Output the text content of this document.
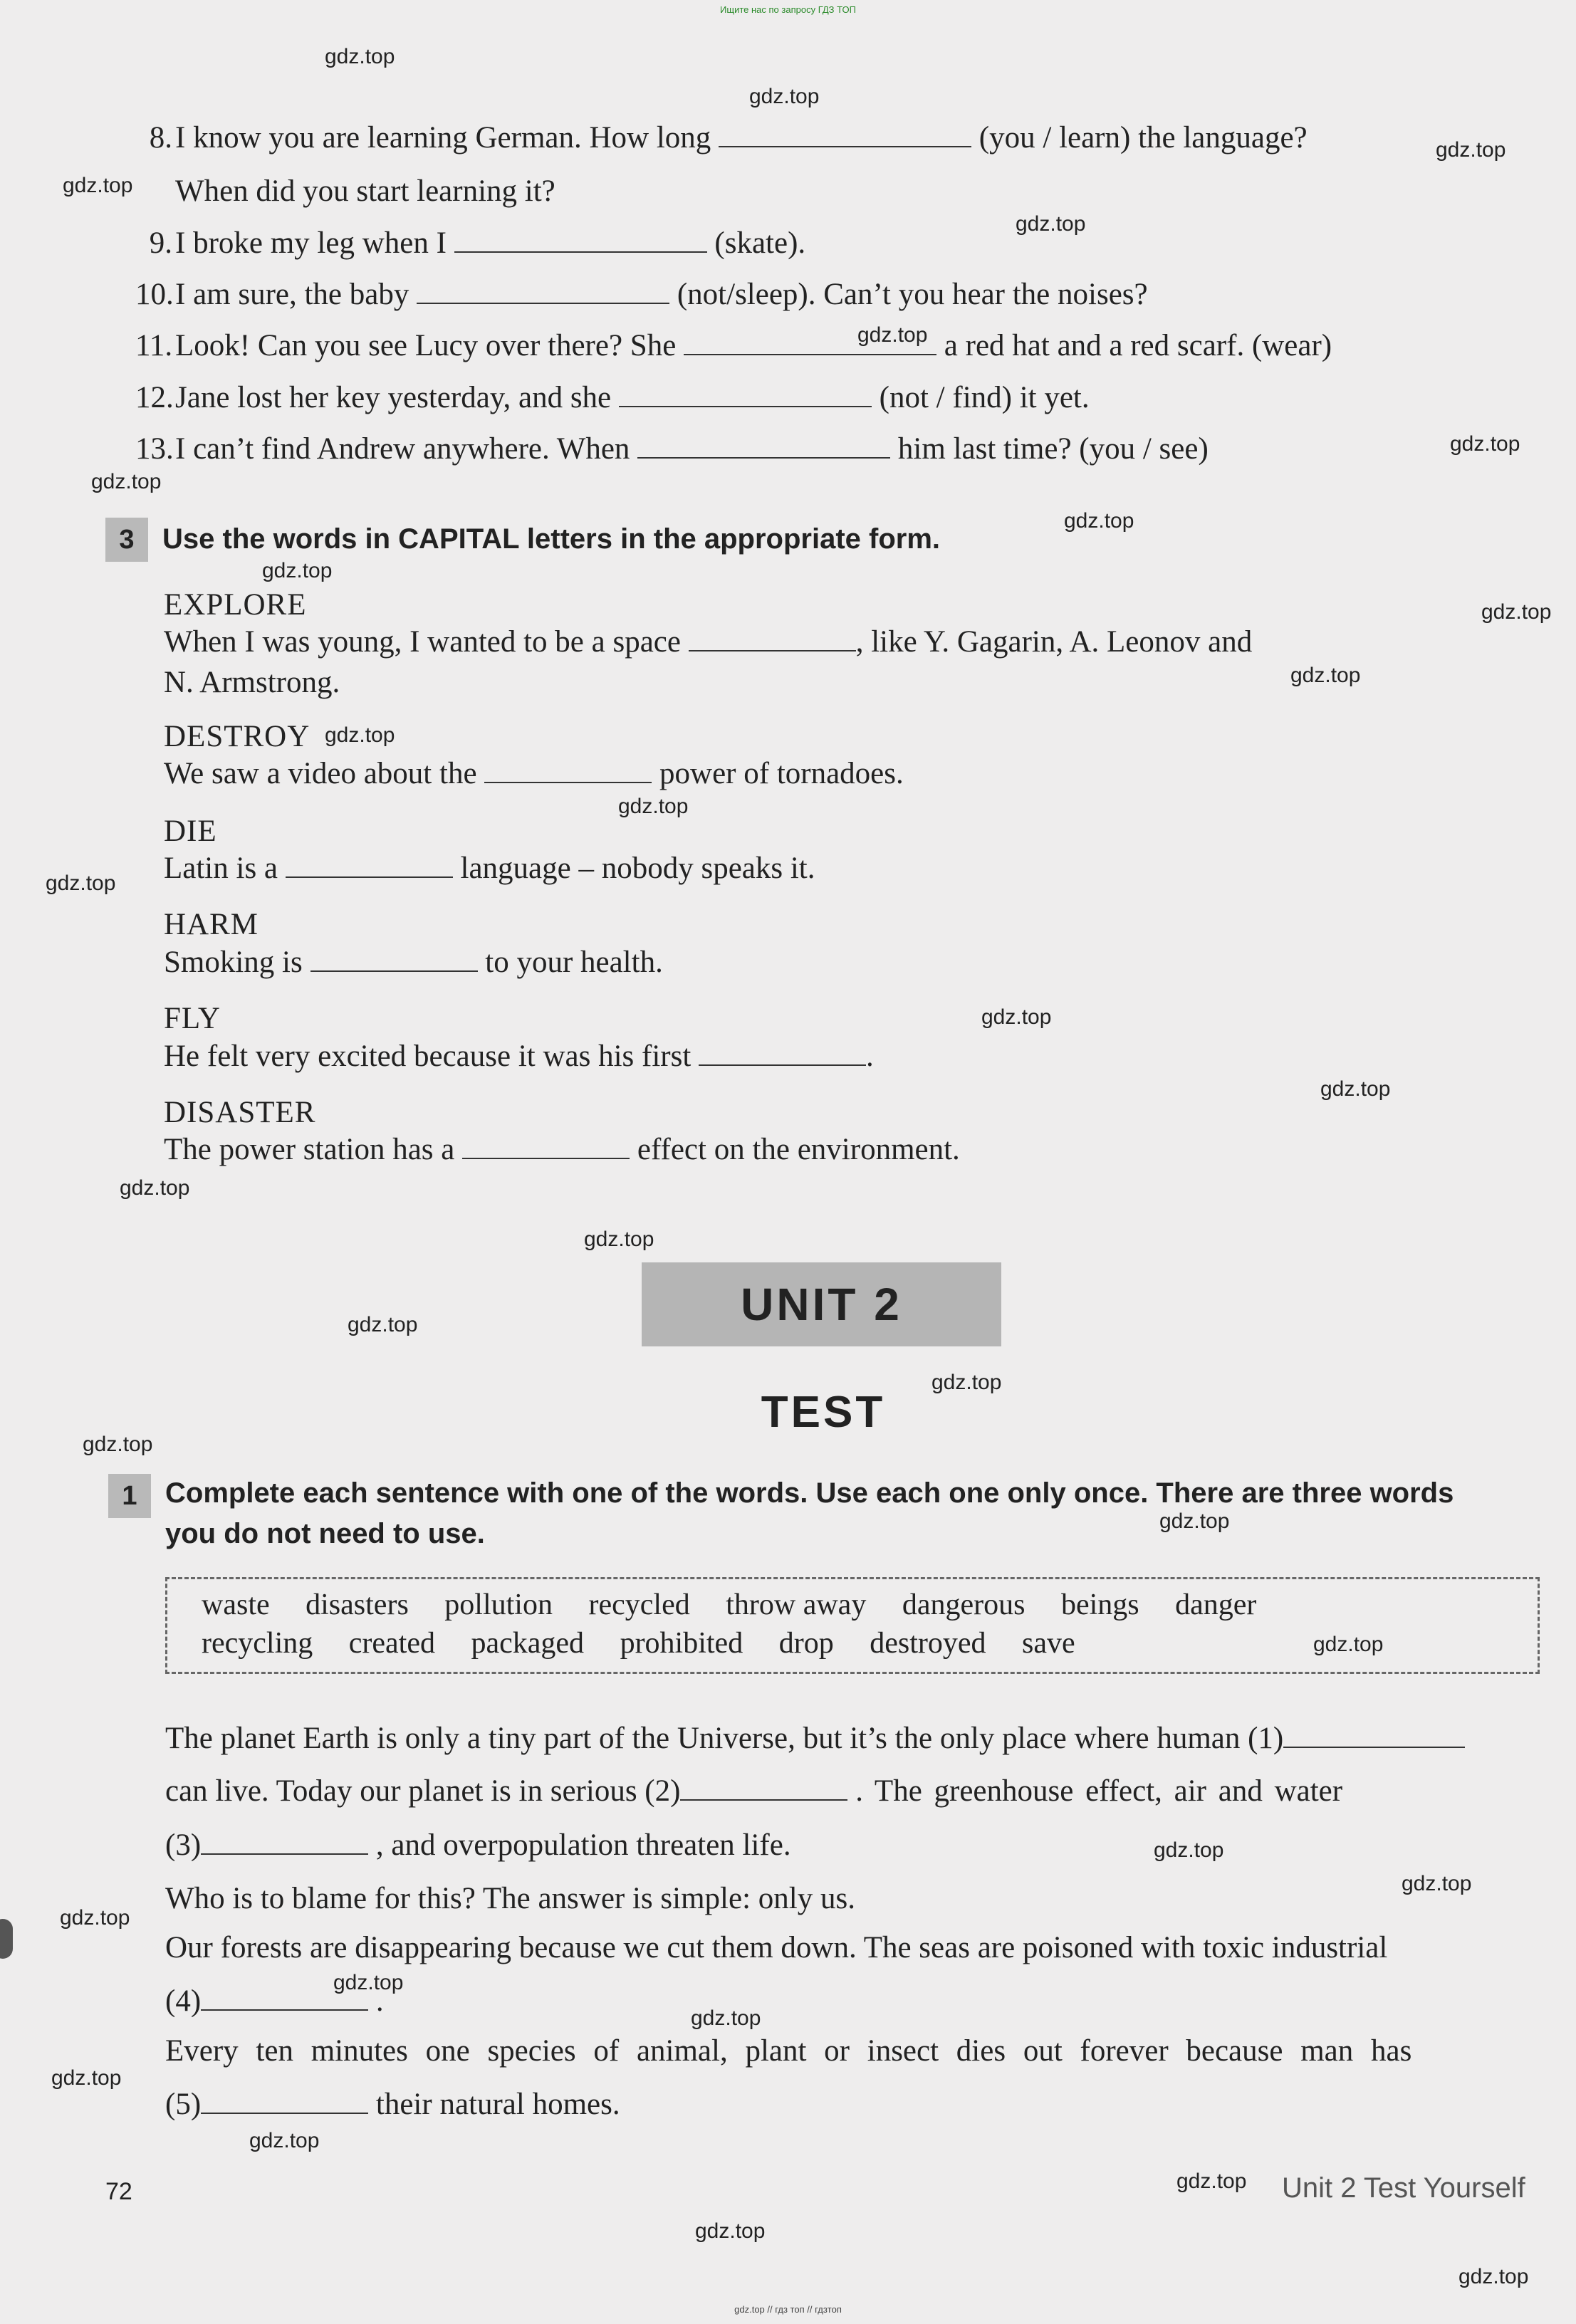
Ищите нас по запросу ГДЗ ТОП
8.I know you are learning German. How long	(you / learn) the language?
When did you start learning it?
9.I broke my leg when I	(skate).
10.I am sure, the baby	(not/sleep). Can’t you hear the noises?
11.Look! Can you see Lucy over there? She	a red hat and a red scarf. (wear)
12.Jane lost her key yesterday, and she	(not / find) it yet.
13.I can’t find Andrew anywhere. When	him last time? (you / see)
3 Use the words in CAPITAL letters in the appropriate form.
EXPLORE
When I was young, I wanted to be a space	, like Y. Gagarin, A. Leonov and
N. Armstrong.
DESTROY
We saw a video about the	power of tornadoes.
DIE
Latin is a	language – nobody speaks it.
HARM
Smoking is	to your health.
FLY
He felt very excited because it was his first	.
DISASTER
The power station has a	effect on the environment.
UNIT 2
TEST
1 Complete each sentence with one of the words. Use each one only once. There are three words
you do not need to use.
waste disasters pollution recycled throw away dangerous beings danger
recycling created packaged prohibited drop destroyed save
The planet Earth is only a tiny part of the Universe, but it’s the only place where human (1)
can live. Today our planet is in serious (2)	. The greenhouse effect, air and water
(3)	, and overpopulation threaten life.
Who is to blame for this? The answer is simple: only us.
Our forests are disappearing because we cut them down. The seas are poisoned with toxic industrial
(4)	.
Every ten minutes one species of animal, plant or insect dies out forever because man has
(5)	their natural homes.
72	Unit 2 Test Yourself
gdz.top
gdz.top
gdz.top
gdz.top
gdz.top
gdz.top
gdz.top
gdz.top
gdz.top
gdz.top
gdz.top
gdz.top
gdz.top
gdz.top
gdz.top
gdz.top
gdz.top
gdz.top
gdz.top
gdz.top
gdz.top
gdz.top
gdz.top
gdz.top
gdz.top
gdz.top
gdz.top
gdz.top
gdz.top
gdz.top
gdz.top
gdz.top
gdz.top
gdz.top
gdz.top // гдз топ // гдзтоп
